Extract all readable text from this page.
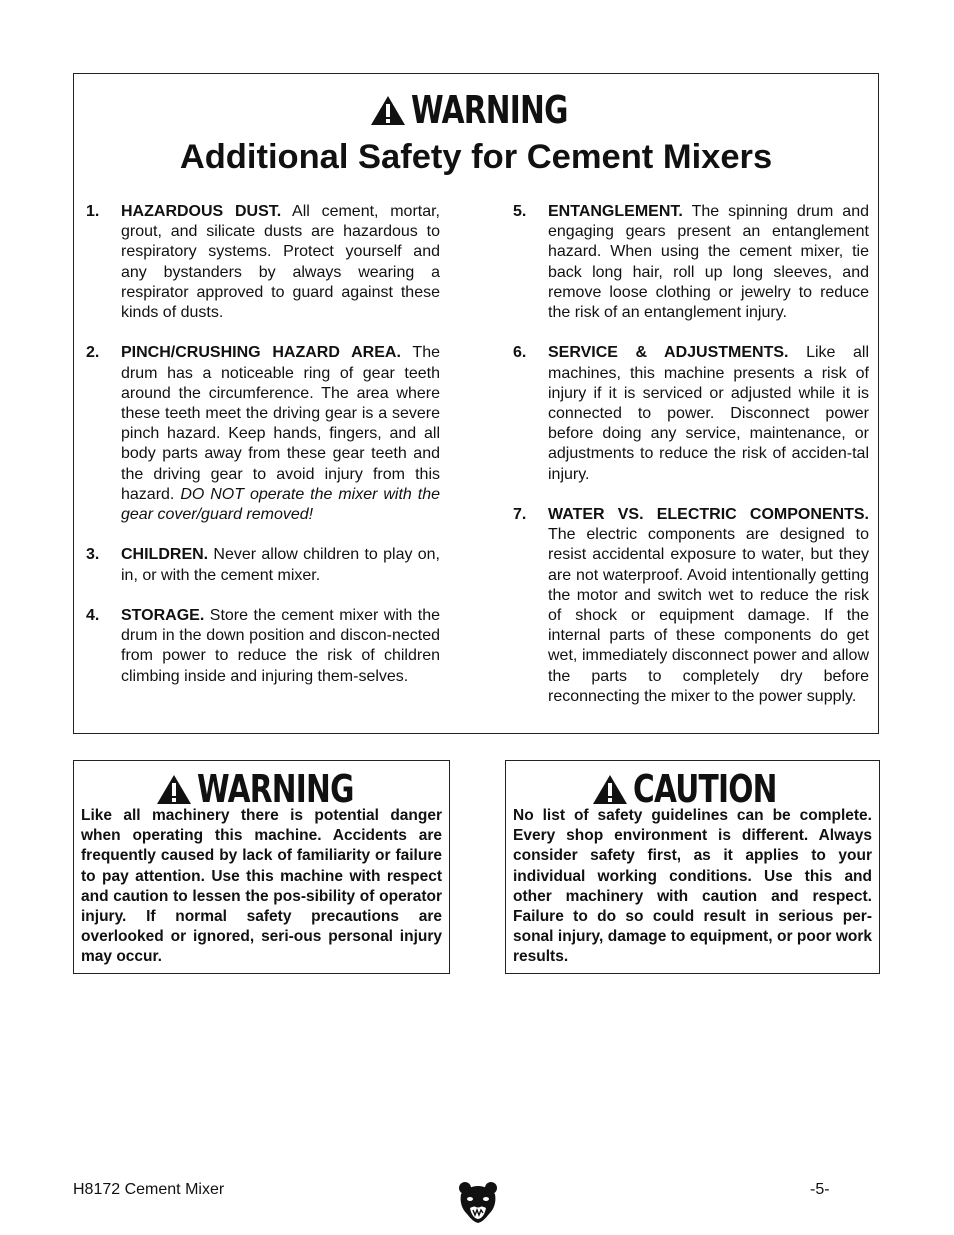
WARNING
Additional Safety for Cement Mixers
1.	HAZARDOUS DUST. All cement, mortar, grout, and silicate dusts are hazardous to respiratory systems. Protect yourself and any bystanders by always wearing a respirator approved to guard against these kinds of dusts.
2.	PINCH/CRUSHING HAZARD AREA. The drum has a noticeable ring of gear teeth around the circumference. The area where these teeth meet the driving gear is a severe pinch hazard. Keep hands, fingers, and all body parts away from these gear teeth and the driving gear to avoid injury from this hazard. DO NOT operate the mixer with the gear cover/guard removed!
3.	CHILDREN. Never allow children to play on, in, or with the cement mixer.
4.	STORAGE. Store the cement mixer with the drum in the down position and discon-nected from power to reduce the risk of children climbing inside and injuring them-selves.
5.	ENTANGLEMENT. The spinning drum and engaging gears present an entanglement hazard. When using the cement mixer, tie back long hair, roll up long sleeves, and remove loose clothing or jewelry to reduce the risk of an entanglement injury.
6.	SERVICE & ADJUSTMENTS. Like all machines, this machine presents a risk of injury if it is serviced or adjusted while it is connected to power. Disconnect power before doing any service, maintenance, or adjustments to reduce the risk of acciden-tal injury.
7.	WATER VS. ELECTRIC COMPONENTS. The electric components are designed to resist accidental exposure to water, but they are not waterproof. Avoid intentionally getting the motor and switch wet to reduce the risk of shock or equipment damage. If the internal parts of these components do get wet, immediately disconnect power and allow the parts to completely dry before reconnecting the mixer to the power supply.
WARNING
Like all machinery there is potential danger when operating this machine. Accidents are frequently caused by lack of familiarity or failure to pay attention. Use this machine with respect and caution to lessen the pos-sibility of operator injury. If normal safety precautions are overlooked or ignored, seri-ous personal injury may occur.
CAUTION
No list of safety guidelines can be complete. Every shop environment is different. Always consider safety first, as it applies to your individual working conditions. Use this and other machinery with caution and respect. Failure to do so could result in serious per-sonal injury, damage to equipment, or poor work results.
H8172 Cement Mixer	-5-
